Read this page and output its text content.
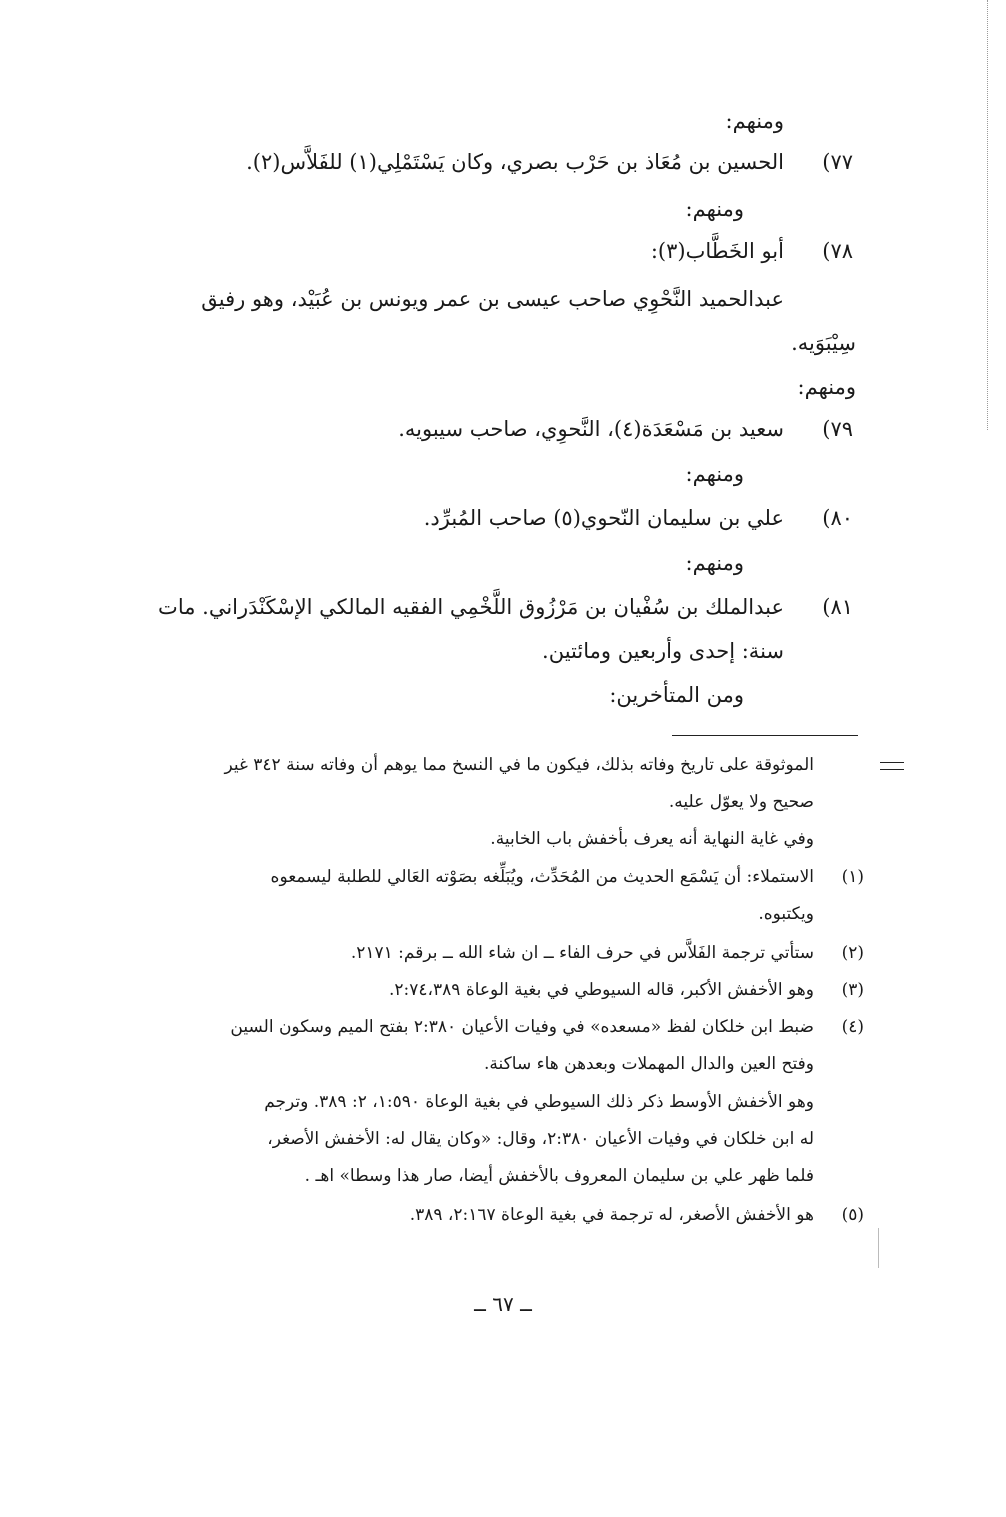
ومنهم:
٧٧)
الحسين بن مُعَاذ بن حَرْب بصري، وكان يَسْتَمْلِي(١) للفَلاَّس(٢).
ومنهم:
٧٨)
أبو الخَطَّاب(٣):
عبدالحميد النَّحْوِي صاحب عيسى بن عمر ويونس بن عُبَيْد، وهو رفيق
سِيْبَوَيه.
ومنهم:
٧٩)
سعيد بن مَسْعَدَة(٤)، النَّحوِي، صاحب سيبويه.
ومنهم:
٨٠)
علي بن سليمان النّحوي(٥) صاحب المُبرِّد.
ومنهم:
٨١)
عبدالملك بن سُفْيان بن مَرْزُوق اللَّخْمِي الفقيه المالكي الإسْكَنْدَراني. مات
سنة: إحدى وأربعين ومائتين.
ومن المتأخرين:
الموثوقة على تاريخ وفاته بذلك، فيكون ما في النسخ مما يوهم أن وفاته سنة ٣٤٢ غير
صحيح ولا يعوّل عليه.
وفي غاية النهاية أنه يعرف بأخفش باب الخابية.
(١)
الاستملاء: أن يَسْمَع الحديث من المُحَدِّث، ويُبَلِّغه بصَوْته العَالي للطلبة ليسمعوه
ويكتبوه.
(٢)
ستأتي ترجمة الفَلاَّس في حرف الفاء ــ ان شاء الله ــ برقم: ٢١٧١.
(٣)
وهو الأخفش الأكبر، قاله السيوطي في بغية الوعاة ٢:٧٤،٣٨٩.
(٤)
ضبط ابن خلكان لفظ «مسعده» في وفيات الأعيان ٢:٣٨٠ بفتح الميم وسكون السين
وفتح العين والدال المهملات وبعدهن هاء ساكنة.
وهو الأخفش الأوسط ذكر ذلك السيوطي في بغية الوعاة ١:٥٩٠، ٢: ٣٨٩. وترجم
له ابن خلكان في وفيات الأعيان ٢:٣٨٠، وقال: «وكان يقال له: الأخفش الأصغر،
فلما ظهر علي بن سليمان المعروف بالأخفش أيضا، صار هذا وسطا» اهـ .
(٥)
هو الأخفش الأصغر، له ترجمة في بغية الوعاة ٢:١٦٧، ٣٨٩.
ــ ٦٧ ــ
